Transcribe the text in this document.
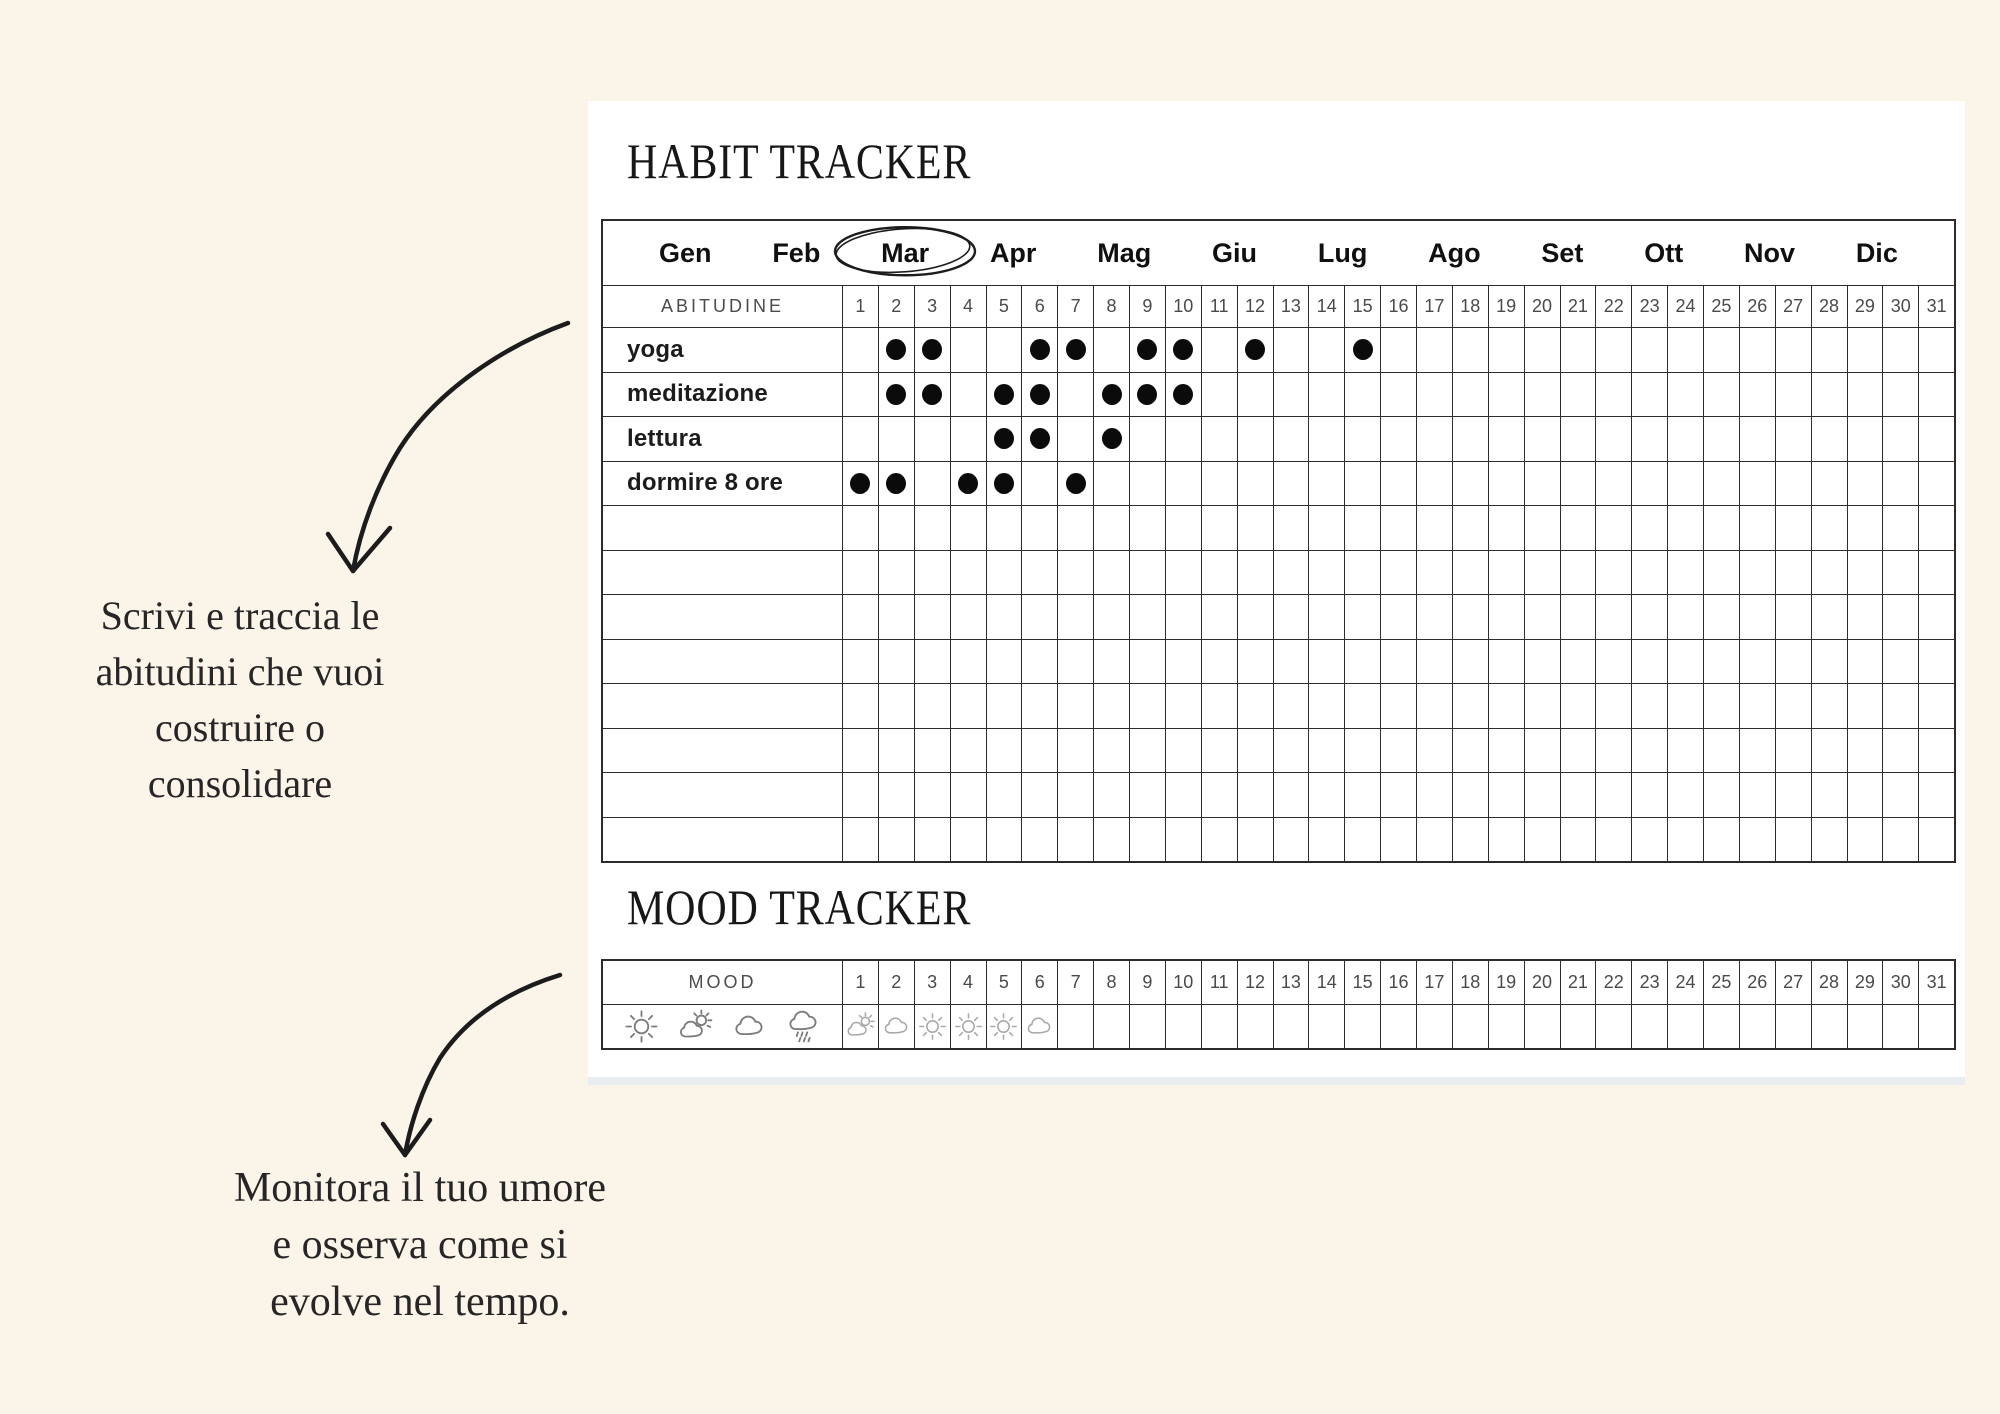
HABIT TRACKER
Gen Feb Mar Apr Mag Giu Lug Ago Set Ott Nov Dic
ABITUDINE	1 2 3 4 5 6 7 8 9 10 11 12 13 14 15 16 17 18 19 20 21 22 23 24 25 26 27 28 29 30 31
yoga
meditazione
lettura
dormire 8 ore
MOOD TRACKER
MOOD	1 2 3 4 5 6 7 8 9 10 11 12 13 14 15 16 17 18 19 20 21 22 23 24 25 26 27 28 29 30 31
Scrivi e traccia le
abitudini che vuoi
costruire o
consolidare
Monitora il tuo umore
e osserva come si
evolve nel tempo.
